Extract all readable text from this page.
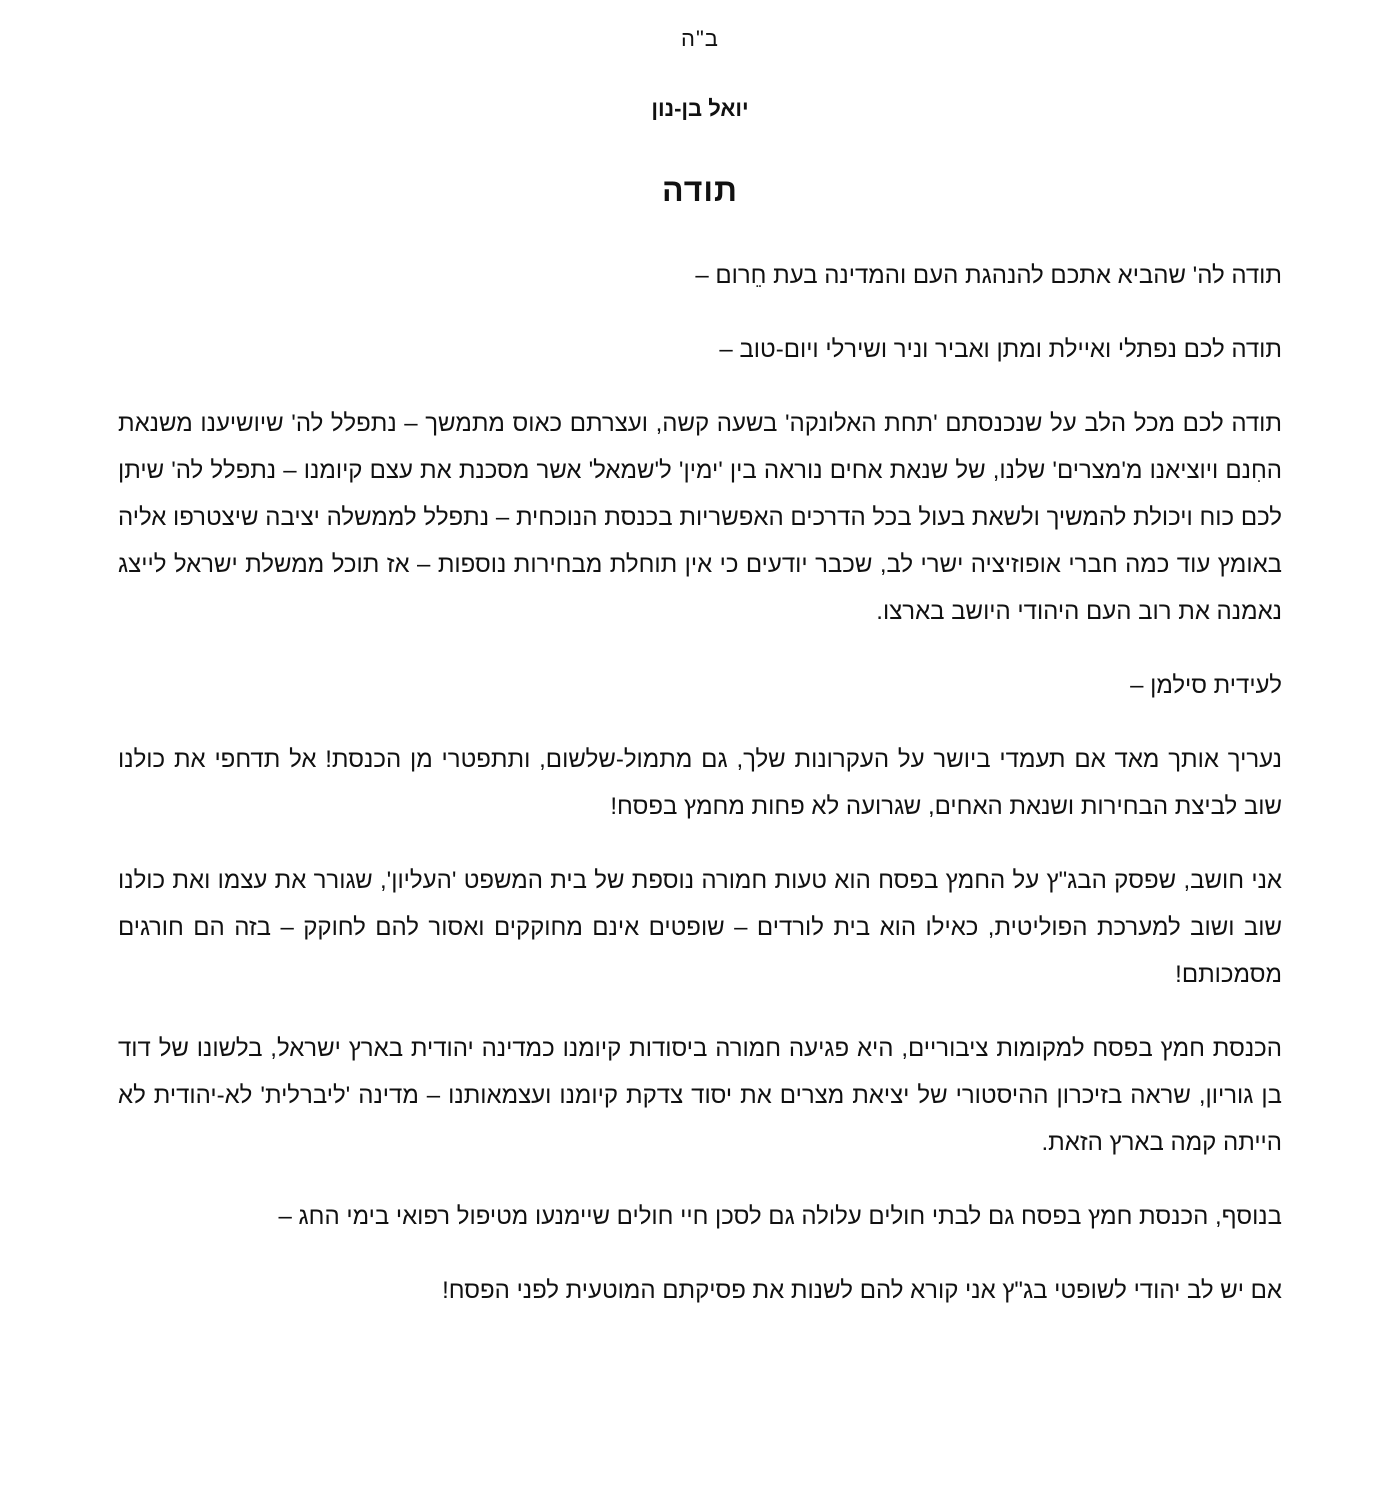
ב"ה
יואל בן-נון
תודה

תודה לה' שהביא אתכם להנהגת העם והמדינה בעת חֵרום –

תודה לכם נפתלי ואיילת ומתן ואביר וניר ושירלי ויום-טוב –

תודה לכם מכל הלב על שנכנסתם 'תחת האלונקה' בשעה קשה, ועצרתם כאוס מתמשך – נתפלל לה' שיושיענו משנאת החִנם ויוציאנו מ'מצרים' שלנו, של שנאת אחים נוראה בין 'ימין' ל'שמאל' אשר מסכנת את עצם קיומנו – נתפלל לה' שיתן לכם כוח ויכולת להמשיך ולשאת בעול בכל הדרכים האפשריות בכנסת הנוכחית – נתפלל לממשלה יציבה שיצטרפו אליה באומץ עוד כמה חברי אופוזיציה ישרי לב, שכבר יודעים כי אין תוחלת מבחירות נוספות – אז תוכל ממשלת ישראל לייצג נאמנה את רוב העם היהודי היושב בארצו.

לעידית סילמן –

נעריך אותך מאד אם תעמדי ביושר על העקרונות שלך, גם מתמול-שלשום, ותתפטרי מן הכנסת! אל תדחפי את כולנו שוב לביצת הבחירות ושנאת האחים, שגרועה לא פחות מחמץ בפסח!

אני חושב, שפסק הבג"ץ על החמץ בפסח הוא טעות חמורה נוספת של בית המשפט 'העליון', שגורר את עצמו ואת כולנו שוב ושוב למערכת הפוליטית, כאילו הוא בית לורדים – שופטים אינם מחוקקים ואסור להם לחוקק – בזה הם חורגים מסמכותם!

הכנסת חמץ בפסח למקומות ציבוריים, היא פגיעה חמורה ביסודות קיומנו כמדינה יהודית בארץ ישראל, בלשונו של דוד בן גוריון, שראה בזיכרון ההיסטורי של יציאת מצרים את יסוד צדקת קיומנו ועצמאותנו – מדינה 'ליברלית' לא-יהודית לא הייתה קמה בארץ הזאת.

בנוסף, הכנסת חמץ בפסח גם לבתי חולים עלולה גם לסכן חיי חולים שיימנעו מטיפול רפואי בימי החג –

אם יש לב יהודי לשופטי בג"ץ אני קורא להם לשנות את פסיקתם המוטעית לפני הפסח!
